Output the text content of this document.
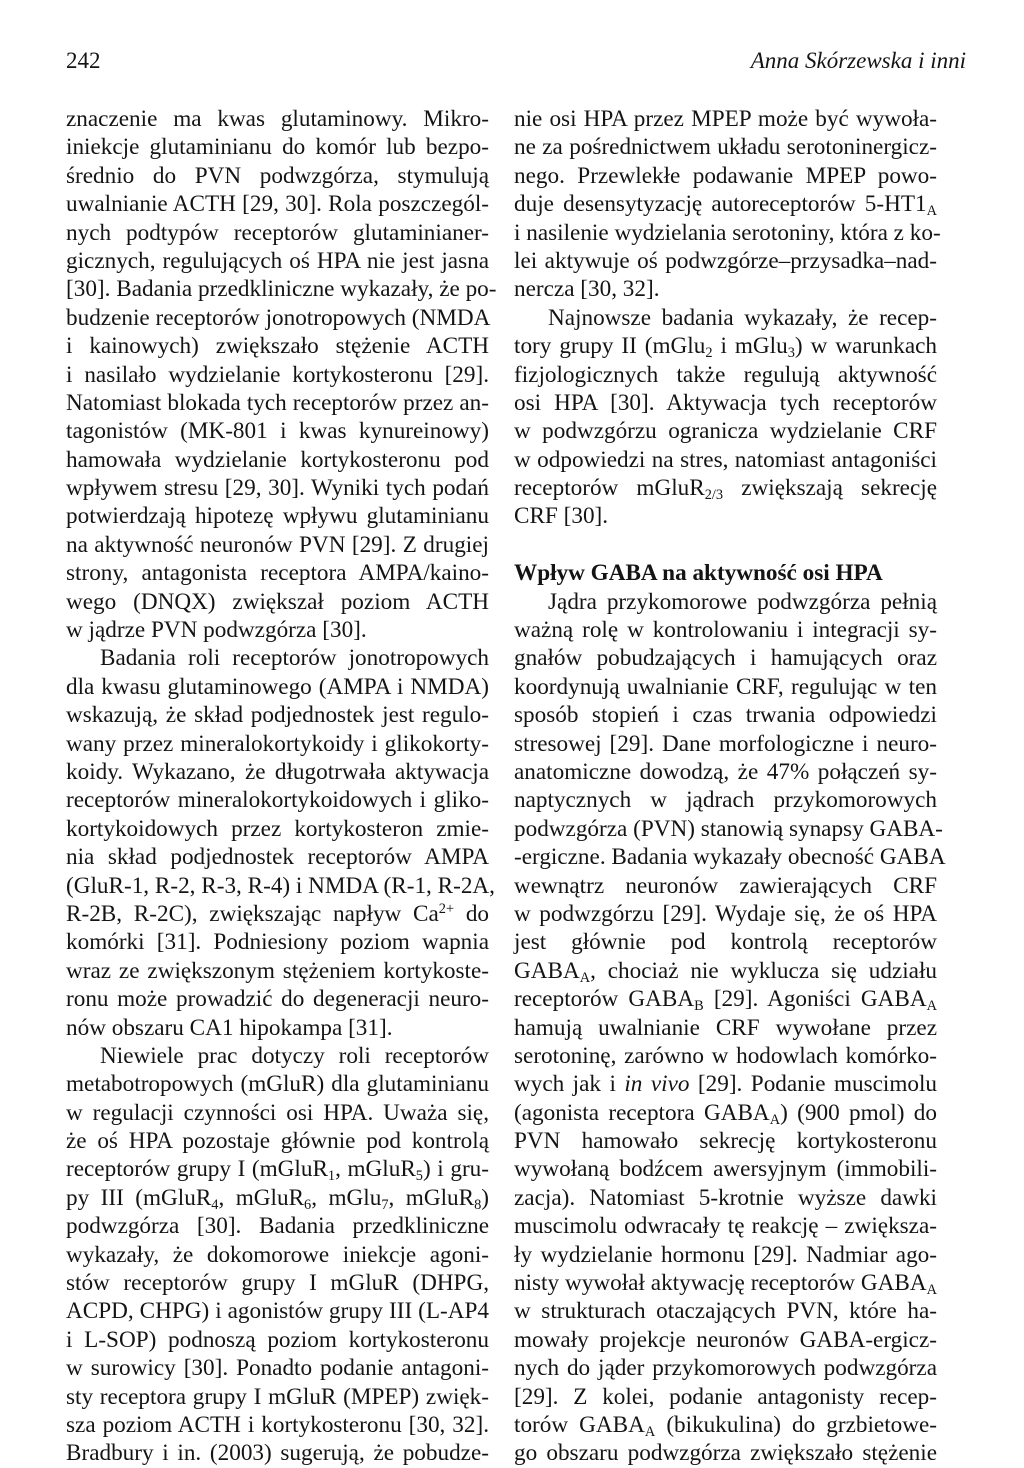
242	Anna Skórzewska i inni
znaczenie ma kwas glutaminowy. Mikro-
iniekcje glutaminianu do komór lub bezpo-
średnio do PVN podwzgórza, stymulują
uwalnianie ACTH [29, 30]. Rola poszczegól-
nych podtypów receptorów glutaminianer-
gicznych, regulujących oś HPA nie jest jasna
[30]. Badania przedkliniczne wykazały, że po-
budzenie receptorów jonotropowych (NMDA
i kainowych) zwiększało stężenie ACTH
i nasilało wydzielanie kortykosteronu [29].
Natomiast blokada tych receptorów przez an-
tagonistów (MK-801 i kwas kynureinowy)
hamowała wydzielanie kortykosteronu pod
wpływem stresu [29, 30]. Wyniki tych podań
potwierdzają hipotezę wpływu glutaminianu
na aktywność neuronów PVN [29]. Z drugiej
strony, antagonista receptora AMPA/kaino-
wego (DNQX) zwiększał poziom ACTH
w jądrze PVN podwzgórza [30].
Badania roli receptorów jonotropowych
dla kwasu glutaminowego (AMPA i NMDA)
wskazują, że skład podjednostek jest regulo-
wany przez mineralokortykoidy i glikokorty-
koidy. Wykazano, że długotrwała aktywacja
receptorów mineralokortykoidowych i gliko-
kortykoidowych przez kortykosteron zmie-
nia skład podjednostek receptorów AMPA
(GluR-1, R-2, R-3, R-4) i NMDA (R-1, R-2A,
R-2B, R-2C), zwiększając napływ $Ca^{2+}$ do
komórki [31]. Podniesiony poziom wapnia
wraz ze zwiększonym stężeniem kortykoste-
ronu może prowadzić do degeneracji neuro-
nów obszaru CA1 hipokampa [31].
Niewiele prac dotyczy roli receptorów
metabotropowych (mGluR) dla glutaminianu
w regulacji czynności osi HPA. Uważa się,
że oś HPA pozostaje głównie pod kontrolą
receptorów grupy I (mGluR$_1$, mGluR$_5$) i gru-
py III (mGluR$_4$, mGluR$_6$, mGlu$_7$, mGluR$_8$)
podwzgórza [30]. Badania przedkliniczne
wykazały, że dokomorowe iniekcje agoni-
stów receptorów grupy I mGluR (DHPG,
ACPD, CHPG) i agonistów grupy III (L-AP4
i L-SOP) podnoszą poziom kortykosteronu
w surowicy [30]. Ponadto podanie antagoni-
sty receptora grupy I mGluR (MPEP) zwięk-
sza poziom ACTH i kortykosteronu [30, 32].
Bradbury i in. (2003) sugerują, że pobudze-
nie osi HPA przez MPEP może być wywoła-
ne za pośrednictwem układu serotoninergicz-
nego. Przewlekłe podawanie MPEP powo-
duje desensytyzację autoreceptorów $5-HT1_A$
i nasilenie wydzielania serotoniny, która z ko-
lei aktywuje oś podwzgórze–przysadka–nad-
nercza [30, 32].
Najnowsze badania wykazały, że recep-
tory grupy II (mGlu$_2$ i mGlu$_3$) w warunkach
fizjologicznych także regulują aktywność
osi HPA [30]. Aktywacja tych receptorów
w podwzgórzu ogranicza wydzielanie CRF
w odpowiedzi na stres, natomiast antagoniści
receptorów mGluR$_{2/3}$ zwiększają sekrecję
CRF [30].
Wpływ GABA na aktywność osi HPA
Jądra przykomorowe podwzgórza pełnią
ważną rolę w kontrolowaniu i integracji sy-
gnałów pobudzających i hamujących oraz
koordynują uwalnianie CRF, regulując w ten
sposób stopień i czas trwania odpowiedzi
stresowej [29]. Dane morfologiczne i neuro-
anatomiczne dowodzą, że 47% połączeń sy-
naptycznych w jądrach przykomorowych
podwzgórza (PVN) stanowią synapsy GABA-
-ergiczne. Badania wykazały obecność GABA
wewnątrz neuronów zawierających CRF
w podwzgórzu [29]. Wydaje się, że oś HPA
jest głównie pod kontrolą receptorów
$GABA_A$, chociaż nie wyklucza się udziału
receptorów $GABA_B$ [29]. Agoniści $GABA_A$
hamują uwalnianie CRF wywołane przez
serotoninę, zarówno w hodowlach komórko-
wych jak i in vivo [29]. Podanie muscimolu
(agonista receptora $GABA_A$) (900 pmol) do
PVN hamowało sekrecję kortykosteronu
wywołaną bodźcem awersyjnym (immobili-
zacja). Natomiast 5-krotnie wyższe dawki
muscimolu odwracały tę reakcję – zwiększa-
ły wydzielanie hormonu [29]. Nadmiar ago-
nisty wywołał aktywację receptorów $GABA_A$
w strukturach otaczających PVN, które ha-
mowały projekcje neuronów GABA-ergicz-
nych do jąder przykomorowych podwzgórza
[29]. Z kolei, podanie antagonisty recep-
torów $GABA_A$ (bikukulina) do grzbietowe-
go obszaru podwzgórza zwiększało stężenie
